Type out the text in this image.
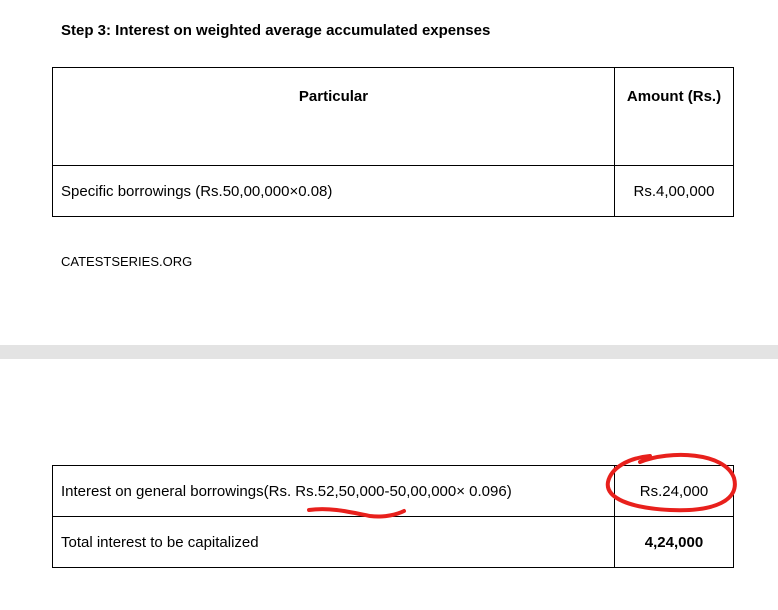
Step 3: Interest on weighted average accumulated expenses
Particular	Amount (Rs.)
Specific borrowings (Rs.50,00,000×0.08)	Rs.4,00,000
CATESTSERIES.ORG
Interest on general borrowings(Rs. Rs.52,50,000-50,00,000× 0.096)	Rs.24,000
Total interest to be capitalized	4,24,000
